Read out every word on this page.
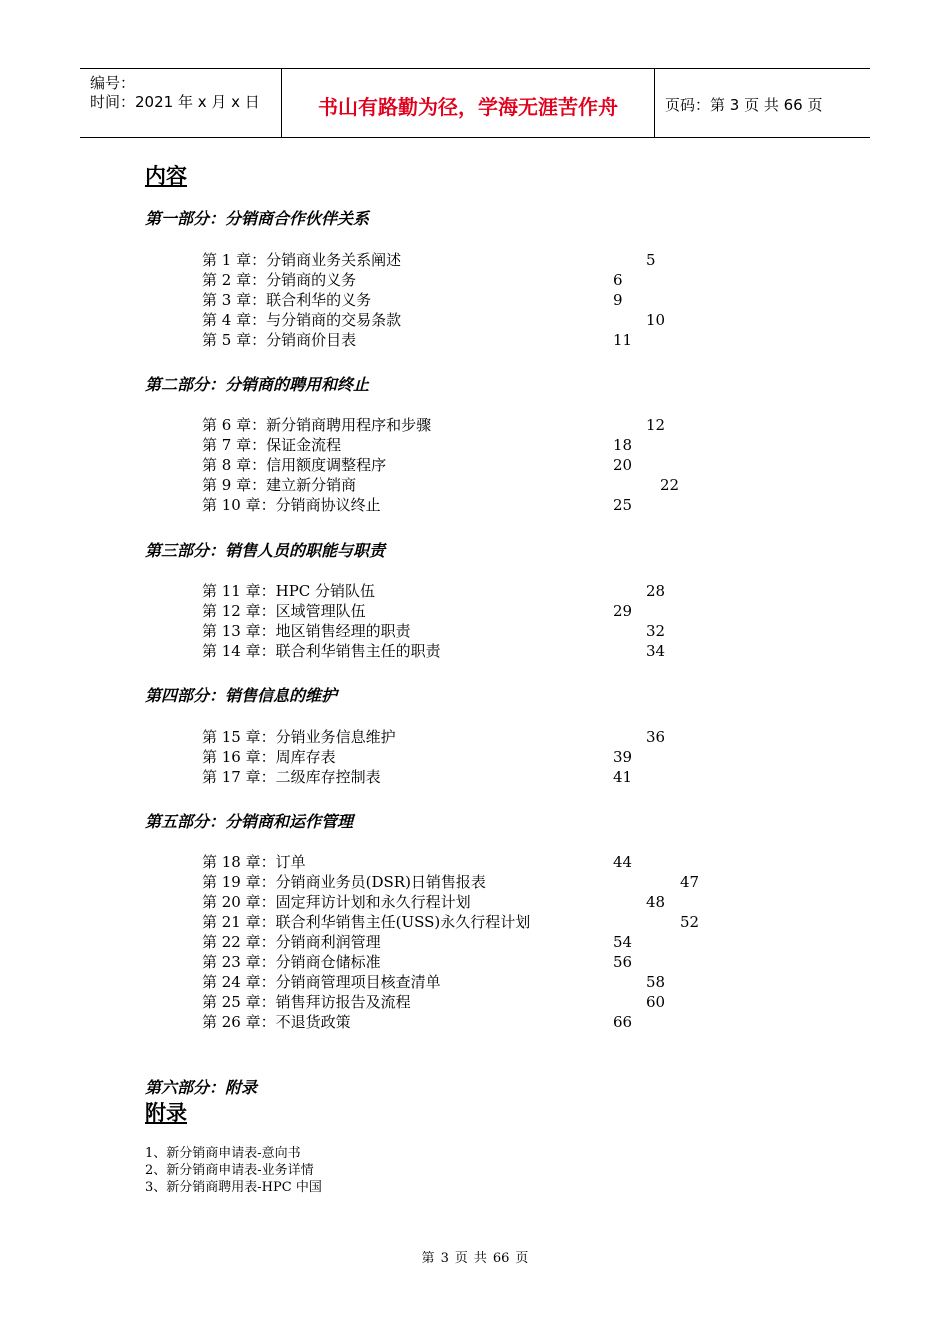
编号：
时间：2021 年 x 月 x 日	书山有路勤为径，学海无涯苦作舟	页码：第 3 页 共 66 页
内容
第一部分：分销商合作伙伴关系
第 1 章：分销商业务关系阐述	5
第 2 章：分销商的义务	6
第 3 章：联合利华的义务	9
第 4 章：与分销商的交易条款	10
第 5 章：分销商价目表	11
第二部分：分销商的聘用和终止
第 6 章：新分销商聘用程序和步骤	12
第 7 章：保证金流程	18
第 8 章：信用额度调整程序	20
第 9 章：建立新分销商	22
第 10 章：分销商协议终止	25
第三部分：销售人员的职能与职责
第 11 章：HPC 分销队伍	28
第 12 章：区域管理队伍	29
第 13 章：地区销售经理的职责	32
第 14 章：联合利华销售主任的职责	34
第四部分：销售信息的维护
第 15 章：分销业务信息维护	36
第 16 章：周库存表	39
第 17 章：二级库存控制表	41
第五部分：分销商和运作管理
第 18 章：订单	44
第 19 章：分销商业务员(DSR)日销售报表	47
第 20 章：固定拜访计划和永久行程计划	48
第 21 章：联合利华销售主任(USS)永久行程计划	52
第 22 章：分销商利润管理	54
第 23 章：分销商仓储标准	56
第 24 章：分销商管理项目核查清单	58
第 25 章：销售拜访报告及流程	60
第 26 章：不退货政策	66
第六部分：附录
附录
1、新分销商申请表-意向书
2、新分销商申请表-业务详情
3、新分销商聘用表-HPC 中国
第 3 页 共 66 页
